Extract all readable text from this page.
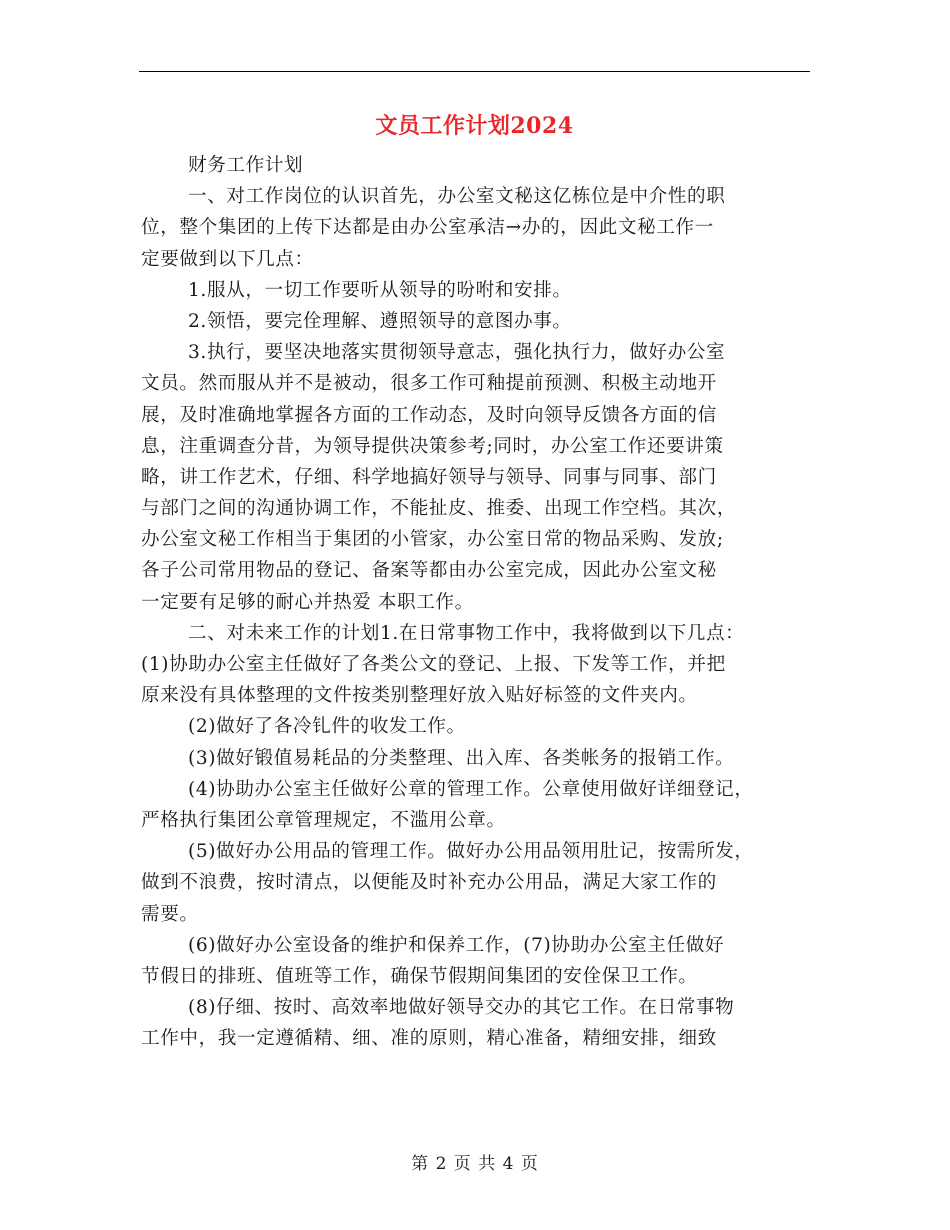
文员工作计划2024
财务工作计划
一、对工作岗位的认识首先，办公室文秘这亿栋位是中介性的职
位，整个集团的上传下达都是由办公室承洁→办的，因此文秘工作一
定要做到以下几点：
1.服从，一切工作要听从领导的吩咐和安排。
2.领悟，要完佺理解、遵照领导的意图办事。
3.执行，要坚决地落实贯彻领导意志，强化执行力，做好办公室
文员。然而服从并不是被动，很多工作可釉提前预测、积极主动地开
展，及时准确地掌握各方面的工作动态，及时向领导反馈各方面的信
息，注重调查分昔，为领导提供决策参考;同时，办公室工作还要讲策
略，讲工作艺术，仔细、科学地搞好领导与领导、同事与同事、部门
与部门之间的沟通协调工作，不能扯皮、推委、出现工作空档。其次，
办公室文秘工作相当于集团的小管家，办公室日常的物品采购、发放;
各子公司常用物品的登记、备案等都由办公室完成，因此办公室文秘
一定要有足够的耐心并热爱 本职工作。
二、对未来工作的计划1.在日常事物工作中，我将做到以下几点：
(1)协助办公室主任做好了各类公文的登记、上报、下发等工作，并把
原来没有具体整理的文件按类别整理好放入贴好标签的文件夹内。
(2)做好了各冷钆件的收发工作。
(3)做好锻值易耗品的分类整理、出入库、各类帐务的报销工作。
(4)协助办公室主任做好公章的管理工作。公章使用做好详细登记，
严格执行集团公章管理规定，不滥用公章。
(5)做好办公用品的管理工作。做好办公用品领用肚记，按需所发，
做到不浪费，按时清点，以便能及时补充办公用品，满足大家工作的
需要。
(6)做好办公室设备的维护和保养工作，(7)协助办公室主任做好
节假日的排班、值班等工作，确保节假期间集团的安佺保卫工作。
(8)仔细、按时、高效率地做好领导交办的其它工作。在日常事物
工作中，我一定遵循精、细、准的原则，精心准备，精细安排，细致
第 2 页 共 4 页
